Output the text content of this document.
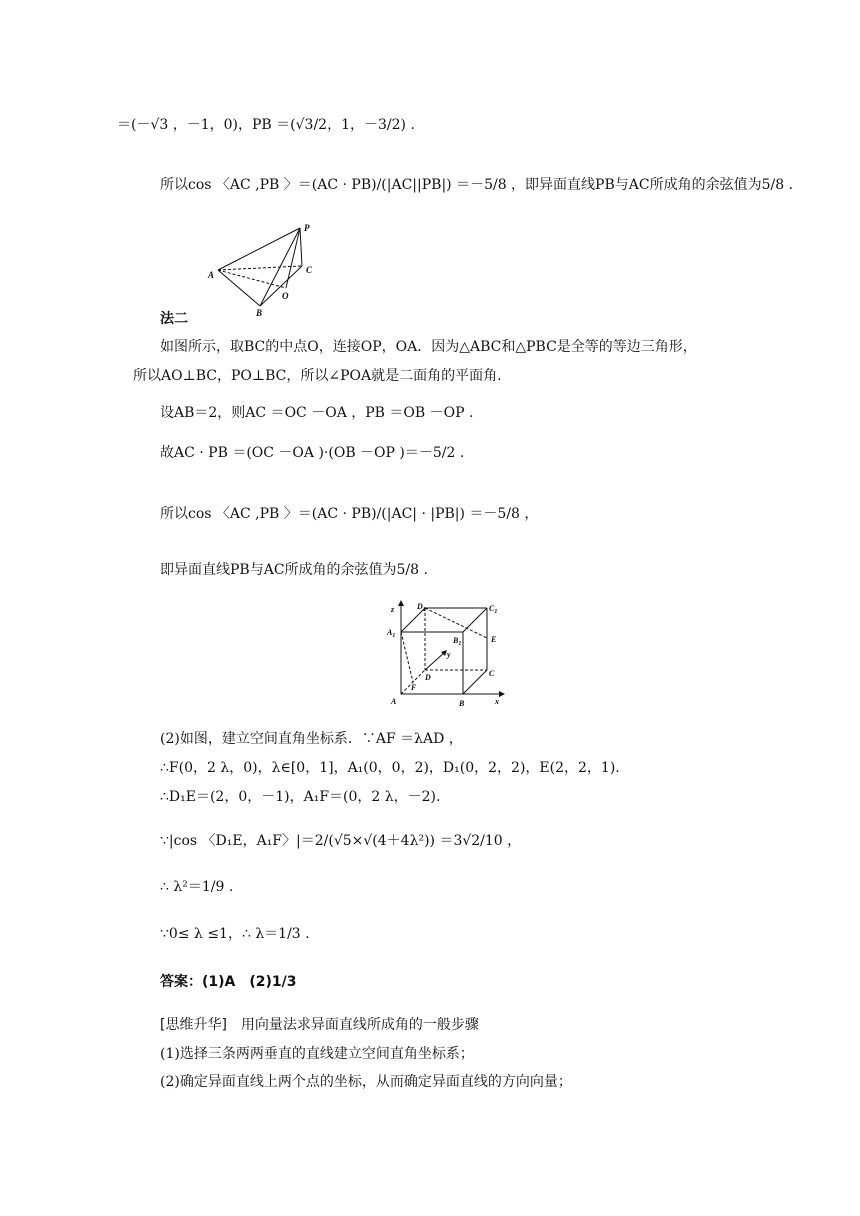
＝(－√3 ，－1，0)，PB ＝(√3/2，1，－3/2) .
所以cos 〈AC ,PB 〉＝(AC · PB)/(|AC||PB|) ＝－5/8 ，即异面直线PB与AC所成角的余弦值为5/8 .
P
A	C
O
B
法二
如图所示，取BC的中点O，连接OP，OA．因为△ABC和△PBC是全等的等边三角形，
所以AO⊥BC，PO⊥BC，所以∠POA就是二面角的平面角.
设AB＝2，则AC ＝OC －OA ，PB ＝OB －OP .
故AC · PB ＝(OC －OA )·(OB －OP )＝－5/2 .
所以cos 〈AC ,PB 〉＝(AC · PB)/(|AC| · |PB|) ＝－5/8 ，
即异面直线PB与AC所成角的余弦值为5/8 .
z	$D_1$	$C_1$
$A_1$	$B_1$	E
y
D	C
F
A	B	x
(2)如图，建立空间直角坐标系．∵AF ＝λAD ，
∴F(0，2 λ，0)，λ∈[0，1]，A₁(0，0，2)，D₁(0，2，2)，E(2，2，1).
∴D₁E＝(2，0，－1)，A₁F＝(0，2 λ，－2).
∵|cos 〈D₁E，A₁F〉|＝2/(√5×√(4＋4λ²)) ＝3√2/10 ，
∴ λ²＝1/9 .
∵0≤ λ ≤1，∴ λ＝1/3 .
答案：(1)A　(2)1/3
[思维升华]　用向量法求异面直线所成角的一般步骤
(1)选择三条两两垂直的直线建立空间直角坐标系；
(2)确定异面直线上两个点的坐标，从而确定异面直线的方向向量；
